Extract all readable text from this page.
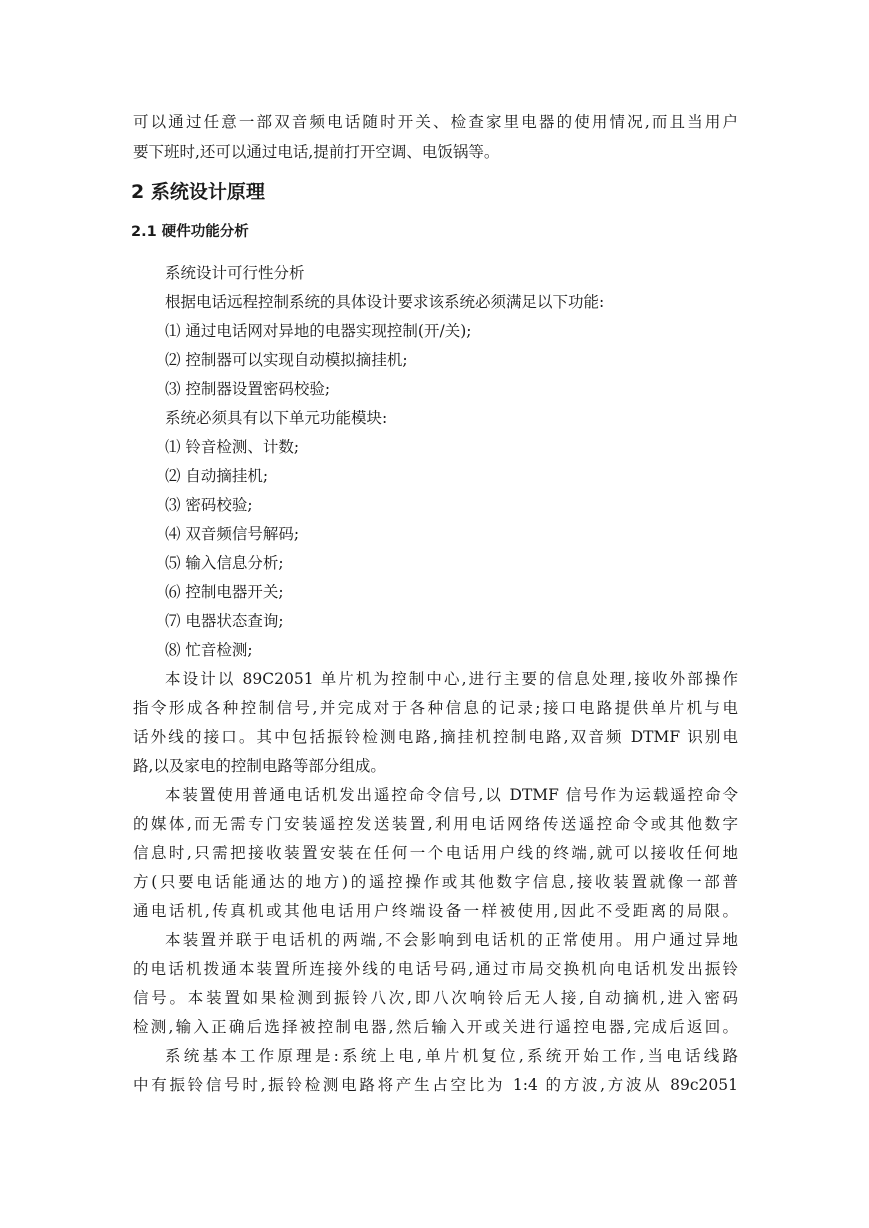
可以通过任意一部双音频电话随时开关、检查家里电器的使用情况,而且当用户
要下班时,还可以通过电话,提前打开空调、电饭锅等。
2 系统设计原理
2.1 硬件功能分析
系统设计可行性分析
根据电话远程控制系统的具体设计要求该系统必须满足以下功能:
⑴ 通过电话网对异地的电器实现控制(开/关);
⑵ 控制器可以实现自动模拟摘挂机;
⑶ 控制器设置密码校验;
系统必须具有以下单元功能模块:
⑴ 铃音检测、计数;
⑵ 自动摘挂机;
⑶ 密码校验;
⑷ 双音频信号解码;
⑸ 输入信息分析;
⑹ 控制电器开关;
⑺ 电器状态查询;
⑻ 忙音检测;
本设计以 89C2051 单片机为控制中心,进行主要的信息处理,接收外部操作
指令形成各种控制信号,并完成对于各种信息的记录;接口电路提供单片机与电
话外线的接口。其中包括振铃检测电路,摘挂机控制电路,双音频 DTMF 识别电
路,以及家电的控制电路等部分组成。
本装置使用普通电话机发出遥控命令信号,以 DTMF 信号作为运载遥控命令
的媒体,而无需专门安装遥控发送装置,利用电话网络传送遥控命令或其他数字
信息时,只需把接收装置安装在任何一个电话用户线的终端,就可以接收任何地
方(只要电话能通达的地方)的遥控操作或其他数字信息,接收装置就像一部普
通电话机,传真机或其他电话用户终端设备一样被使用,因此不受距离的局限。
本装置并联于电话机的两端,不会影响到电话机的正常使用。用户通过异地
的电话机拨通本装置所连接外线的电话号码,通过市局交换机向电话机发出振铃
信号。本装置如果检测到振铃八次,即八次响铃后无人接,自动摘机,进入密码
检测,输入正确后选择被控制电器,然后输入开或关进行遥控电器,完成后返回。
系统基本工作原理是:系统上电,单片机复位,系统开始工作,当电话线路
中有振铃信号时,振铃检测电路将产生占空比为 1:4 的方波,方波从 89c2051
